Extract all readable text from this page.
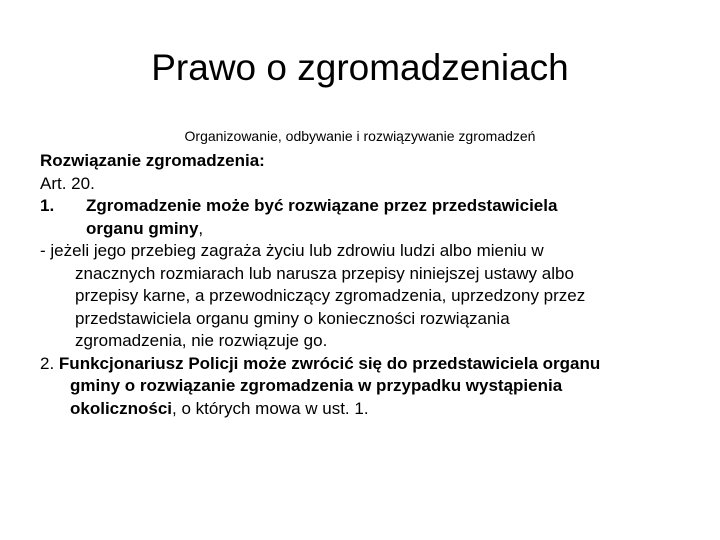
Prawo o zgromadzeniach
Organizowanie, odbywanie i rozwiązywanie zgromadzeń
Rozwiązanie zgromadzenia:
Art. 20.
1. Zgromadzenie może być rozwiązane przez przedstawiciela
organu gminy,
- jeżeli jego przebieg zagraża życiu lub zdrowiu ludzi albo mieniu w
znacznych rozmiarach lub narusza przepisy niniejszej ustawy albo
przepisy karne, a przewodniczący zgromadzenia, uprzedzony przez
przedstawiciela organu gminy o konieczności rozwiązania
zgromadzenia, nie rozwiązuje go.
2. Funkcjonariusz Policji może zwrócić się do przedstawiciela organu
gminy o rozwiązanie zgromadzenia w przypadku wystąpienia
okoliczności, o których mowa w ust. 1.
